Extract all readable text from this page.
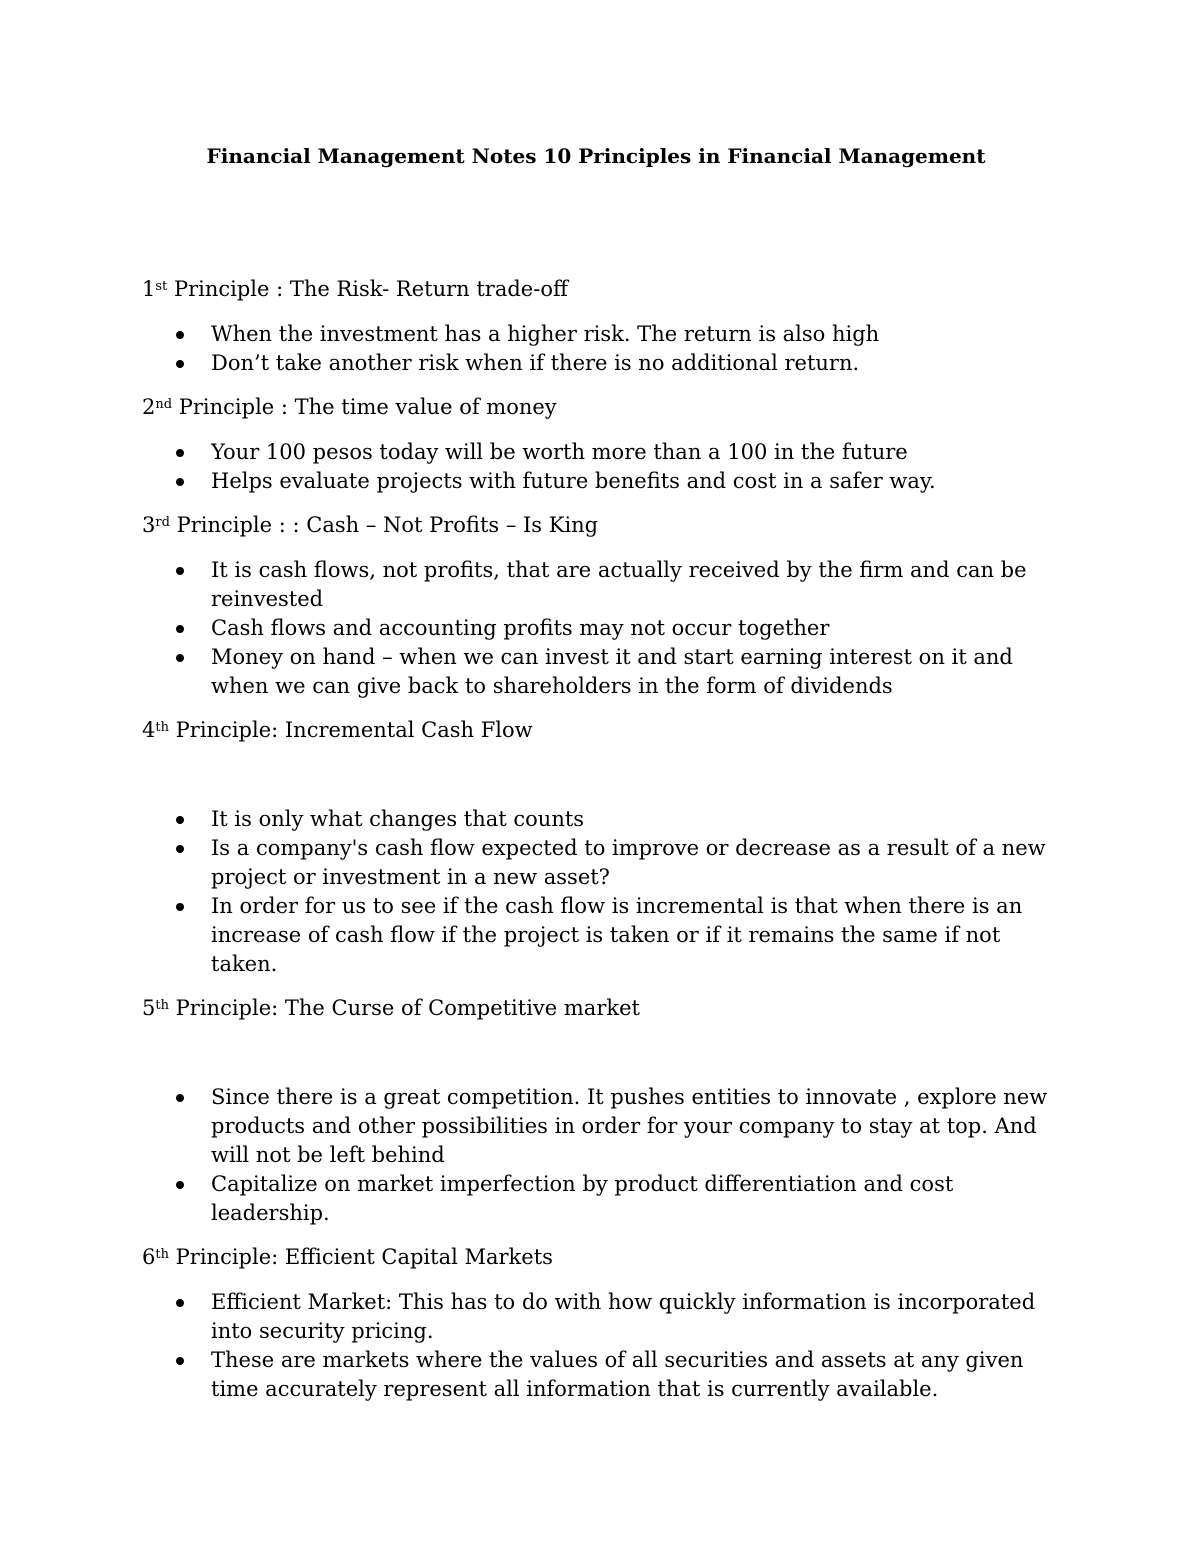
Financial Management Notes 10 Principles in Financial Management

1st Principle : The Risk- Return trade-off

When the investment has a higher risk. The return is also high
Don’t take another risk when if there is no additional return.

2nd Principle : The time value of money

Your 100 pesos today will be worth more than a 100 in the future
Helps evaluate projects with future benefits and cost in a safer way.

3rd Principle : : Cash – Not Profits – Is King

It is cash flows, not profits, that are actually received by the firm and can be reinvested
Cash flows and accounting profits may not occur together
Money on hand – when we can invest it and start earning interest on it and when we can give back to shareholders in the form of dividends

4th Principle: Incremental Cash Flow

It is only what changes that counts
Is a company's cash flow expected to improve or decrease as a result of a new project or investment in a new asset?
In order for us to see if the cash flow is incremental is that when there is an increase of cash flow if the project is taken or if it remains the same if not taken.

5th Principle: The Curse of Competitive market

Since there is a great competition. It pushes entities to innovate , explore new products and other possibilities in order for your company to stay at top. And will not be left behind
Capitalize on market imperfection by product differentiation and cost leadership.

6th Principle: Efficient Capital Markets

Efficient Market: This has to do with how quickly information is incorporated into security pricing.
These are markets where the values of all securities and assets at any given time accurately represent all information that is currently available.
